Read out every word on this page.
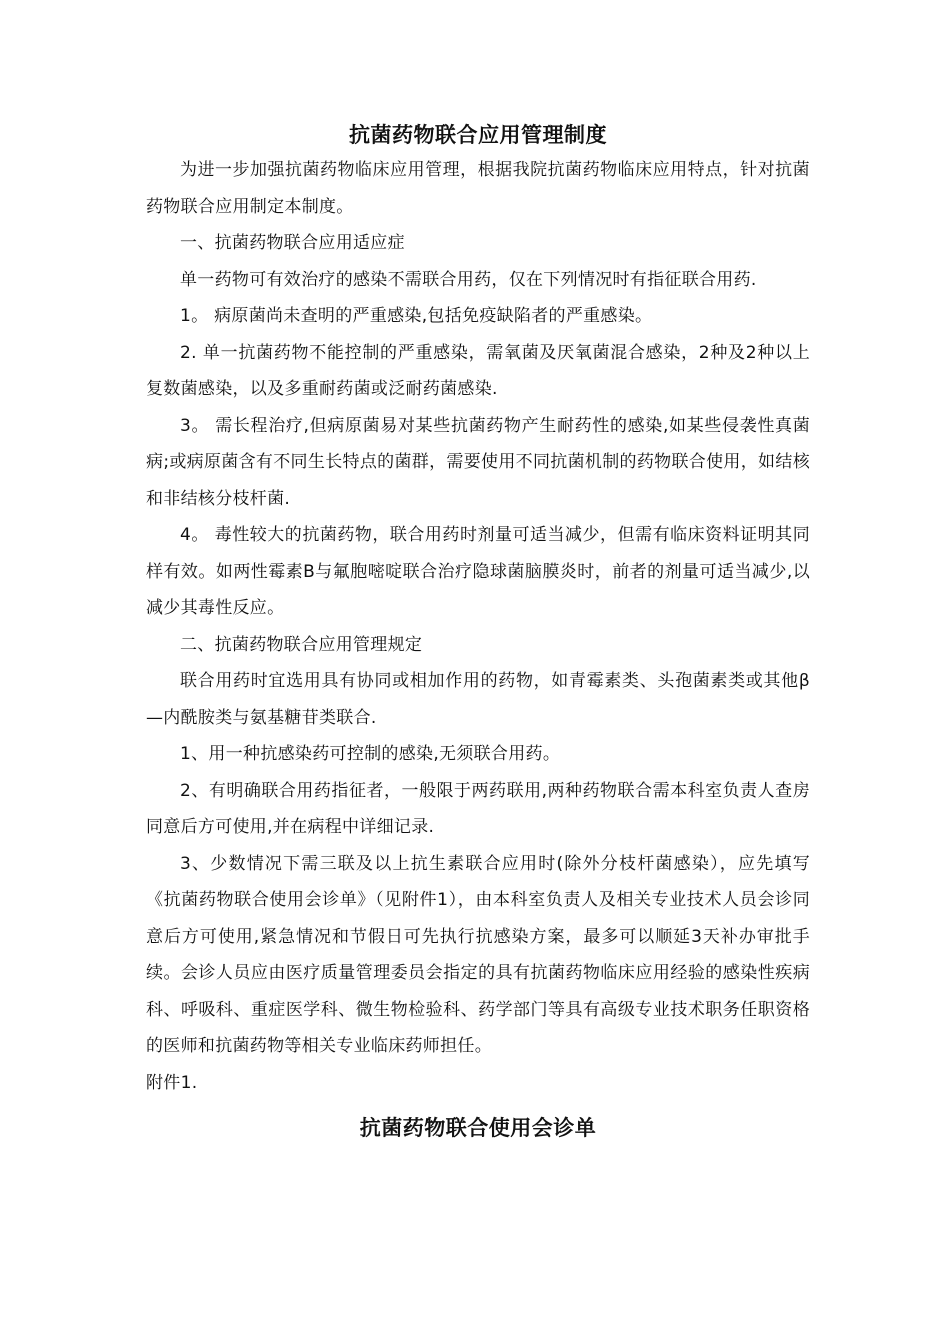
抗菌药物联合应用管理制度

为进一步加强抗菌药物临床应用管理，根据我院抗菌药物临床应用特点，针对抗菌药物联合应用制定本制度。

一、抗菌药物联合应用适应症

单一药物可有效治疗的感染不需联合用药，仅在下列情况时有指征联合用药.

1。 病原菌尚未查明的严重感染,包括免疫缺陷者的严重感染。

2. 单一抗菌药物不能控制的严重感染，需氧菌及厌氧菌混合感染，2种及2种以上复数菌感染，以及多重耐药菌或泛耐药菌感染.

3。 需长程治疗,但病原菌易对某些抗菌药物产生耐药性的感染,如某些侵袭性真菌病;或病原菌含有不同生长特点的菌群，需要使用不同抗菌机制的药物联合使用，如结核和非结核分枝杆菌.

4。 毒性较大的抗菌药物，联合用药时剂量可适当减少，但需有临床资料证明其同样有效。如两性霉素B与氟胞嘧啶联合治疗隐球菌脑膜炎时，前者的剂量可适当减少,以减少其毒性反应。

二、抗菌药物联合应用管理规定

联合用药时宜选用具有协同或相加作用的药物，如青霉素类、头孢菌素类或其他β—内酰胺类与氨基糖苷类联合.

1、用一种抗感染药可控制的感染,无须联合用药。

2、有明确联合用药指征者，一般限于两药联用,两种药物联合需本科室负责人查房同意后方可使用,并在病程中详细记录.

3、少数情况下需三联及以上抗生素联合应用时(除外分枝杆菌感染），应先填写《抗菌药物联合使用会诊单》（见附件1），由本科室负责人及相关专业技术人员会诊同意后方可使用,紧急情况和节假日可先执行抗感染方案，最多可以顺延3天补办审批手续。会诊人员应由医疗质量管理委员会指定的具有抗菌药物临床应用经验的感染性疾病科、呼吸科、重症医学科、微生物检验科、药学部门等具有高级专业技术职务任职资格的医师和抗菌药物等相关专业临床药师担任。

附件1.

抗菌药物联合使用会诊单
